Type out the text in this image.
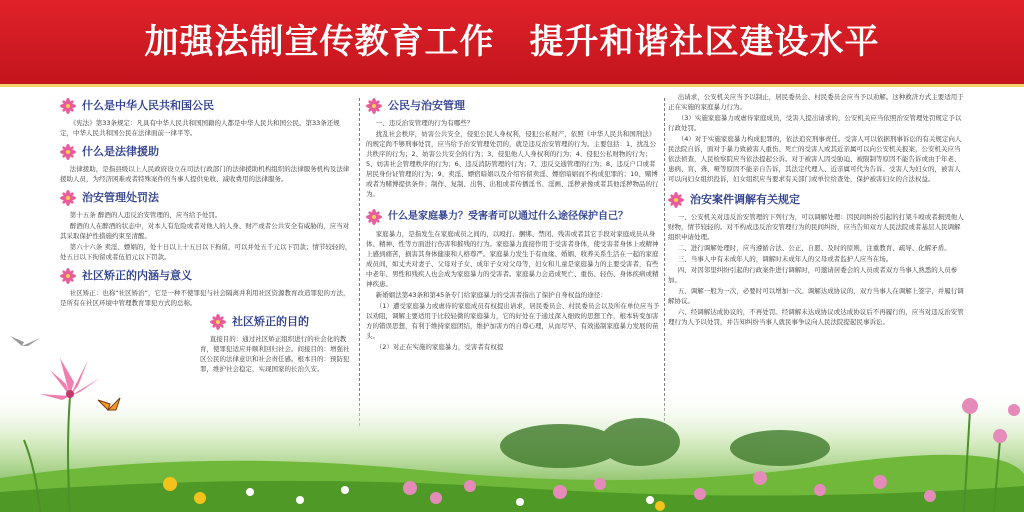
加强法制宣传教育工作　提升和谐社区建设水平
什么是中华人民共和国公民
《宪法》第33条规定：凡具有中华人民共和国国籍的人都是中华人民共和国公民。第33条还规定，中华人民共和国公民在法律面前一律平等。
什么是法律援助
法律援助，是指县级以上人民政府设立在司法行政部门的法律援助机构组织的法律服务机构及法律援助人员，为经济困难或者特殊案件的当事人提供免收、减收费用的法律服务。
治安管理处罚法
第十五条 醉酒的人违反治安管理的，应当给予处罚。
醉酒的人在醉酒的状态中，对本人有危险或者对他人的人身、财产或者公共安全有威胁的，应当对其采取保护性措施约束至清醒。
第六十六条 卖淫、嫖娼的，处十日以上十五日以下拘留，可以并处五千元以下罚款；情节较轻的，处五日以下拘留或者伍佰元以下罚款。
社区矫正的内涵与意义
社区矫正：也称“社区矫治”，它是一种不使罪犯与社会隔离并利用社区资源教育改造罪犯的方法，是所有在社区环境中管理教育罪犯方式的总称。
社区矫正的目的
直接目的：通过社区矫正组织进行的社会化的教育，使罪犯适应并顺利回归社会。间接目的：增强社区公民的法律意识和社会责任感。根本目的：预防犯罪，维护社会稳定，实现国家的长治久安。
公民与治安管理
一、违反治安管理的行为有哪些？
扰乱社会秩序，妨害公共安全，侵犯公民人身权利，侵犯公私财产，依照《中华人民共和国刑法》的规定尚不够刑事处罚，应当给予治安管理处罚的，就是违反治安管理的行为。主要包括：1、扰乱公共秩序的行为；2、妨害公共安全的行为；3、侵犯他人人身权利的行为；4、侵犯公私财物的行为；5、妨害社会管理秩序的行为；6、违反消防管理的行为；7、违反交通管理的行为；8、违反户口或者居民身份证管理的行为；9、卖淫、嫖宿暗娼以及介绍容留卖淫、嫖宿暗娼而不构成犯罪的；10、赌博或者为赌博提供条件；制作、复制、出售、出租或者传播淫书、淫画、淫秽录像或者其他淫秽物品的行为。
什么是家庭暴力？受害者可以通过什么途径保护自己？
家庭暴力，是指发生在家庭成员之间的，以殴打、捆绑、禁闭、残害或者其它手段对家庭成员从身体、精神、性等方面进行伤害和摧残的行为。家庭暴力直接作用于受害者身体，使受害者身体上或精神上感到痛苦，损害其身体健康和人格尊严。家庭暴力发生于有血缘、婚姻、收养关系生活在一起的家庭成员间，如丈夫对妻子、父母对子女、成年子女对父母等，妇女和儿童是家庭暴力的主要受害者，有些中老年、男性和残疾人也会成为家庭暴力的受害者。家庭暴力会造成死亡、重伤、轻伤、身体疾病或精神疾患。
新婚姻法第43条和第45条专门给家庭暴力的受害者指出了保护自身权益的途径：
（1）遭受家庭暴力或虐待的家庭成员有权提出请求，居民委员会、村民委员会以及所在单位应当予以劝阻，调解主要适用于比较轻微的家庭暴力，它的好处在于通过深入细致的思想工作，根本转变加害方的错误思想，有利于维持家庭团结，维护加害方的自尊心理，从而尽早、有效遏制家庭暴力发展的苗头。
（2）对正在实施的家庭暴力，受害者有权提
出请求，公安机关应当予以制止，居民委员会、村民委员会应当予以劝解。这种救济方式主要适用于正在实施的家庭暴力行为。
（3）实施家庭暴力或虐待家庭成员，受害人提出请求的，公安机关应当依照治安管理处罚规定予以行政处罚。
（4）对于实施家庭暴力构成犯罪的，依法追究刑事责任。受害人可以依据刑事诉讼的有关规定向人民法院自诉，面对于暴力致被害人重伤、死亡的受害人或其近亲属可以向公安机关报案，公安机关应当依法侦查，人民检察院应当依法提起公诉。对于被害人因受胁迫、被限制等原因不能告诉或由于年老、患病、盲、聋、哑等原因不能亲自告诉，其法定代理人、近亲属可代为告诉。受害人为妇女的，被害人可以向妇女组织投诉，妇女组织应当要求有关部门或单位给查处，保护被害妇女的合法权益。
治安案件调解有关规定
一、公安机关对违反治安管理的下列行为，可以调解处理：因民间纠纷引起的打架斗殴或者损毁他人财物，情节较轻的。对不构成违反治安管理行为的民间纠纷，应当告知双方人民法院或者基层人民调解组织申请处理。
二、进行调解处理时，应当遵循合法、公正、自愿、及时的原则，注重教育、疏导、化解矛盾。
三、当事人中有未成年人的，调解时未成年人的父母或者监护人应当在场。
四、对因邻里纠纷引起的行政案件进行调解时，可邀请居委会的人员或者双方当事人熟悉的人员参加。
五、调解一般为一次，必要时可以增加一次。调解达成协议的，双方当事人在调解上签字，并履行调解协议。
六、经调解达成协议的，不再处罚。经调解未达成协议或达成协议后不再履行的，应当对违反治安管理行为人予以处罚，并告知纠纷当事人就民事争议向人民法院提起民事诉讼。
